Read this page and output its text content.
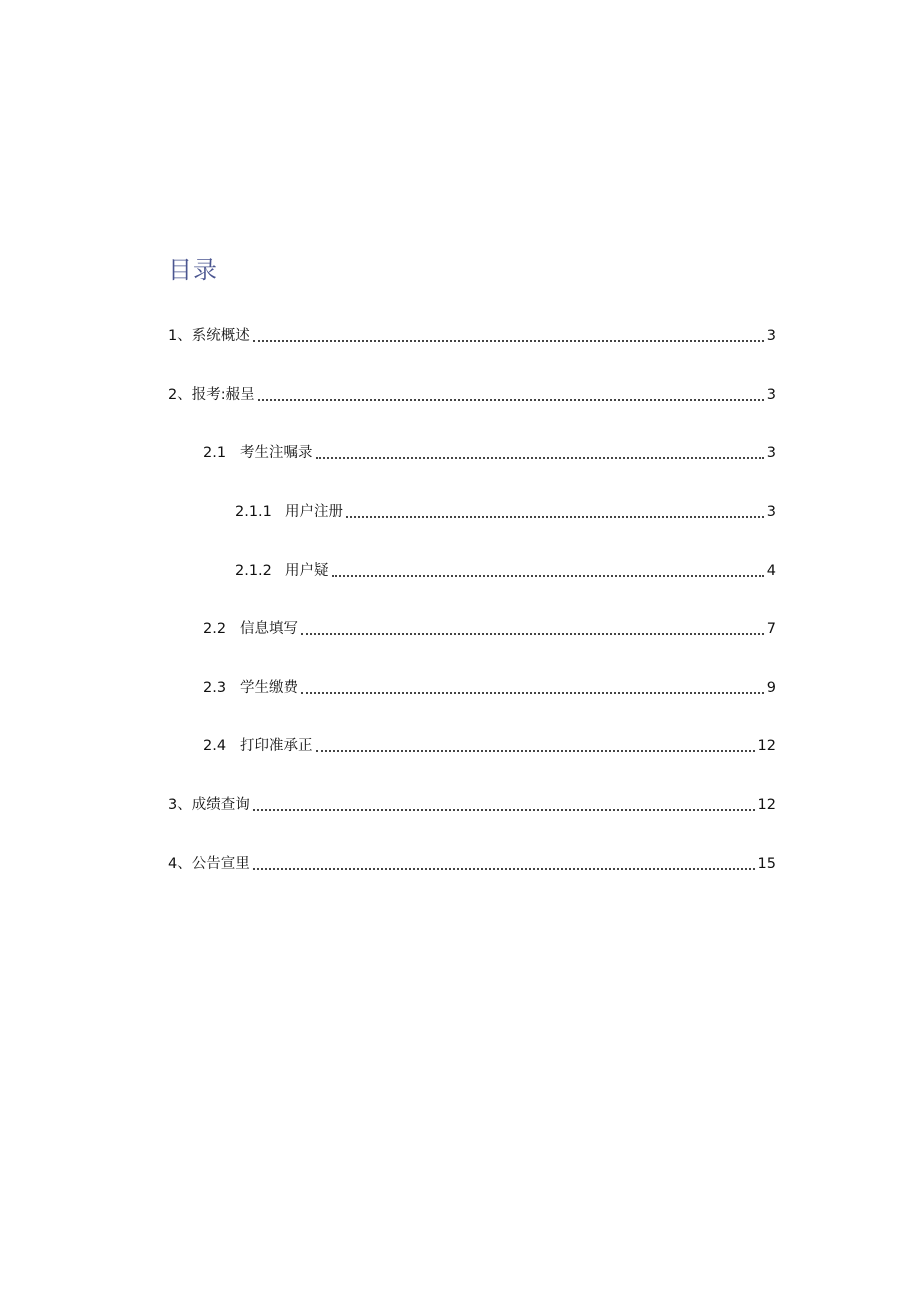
目录
1、 系统概述	3
2、 报考:赧呈	3
2.1 考生注嘱录	3
2.1.1 用户注册	3
2.1.2 用户疑	4
2.2 信息填写	7
2.3 学生缴费	9
2.4 打印准承正	12
3、 成绩查询	12
4、 公告宣里	15
